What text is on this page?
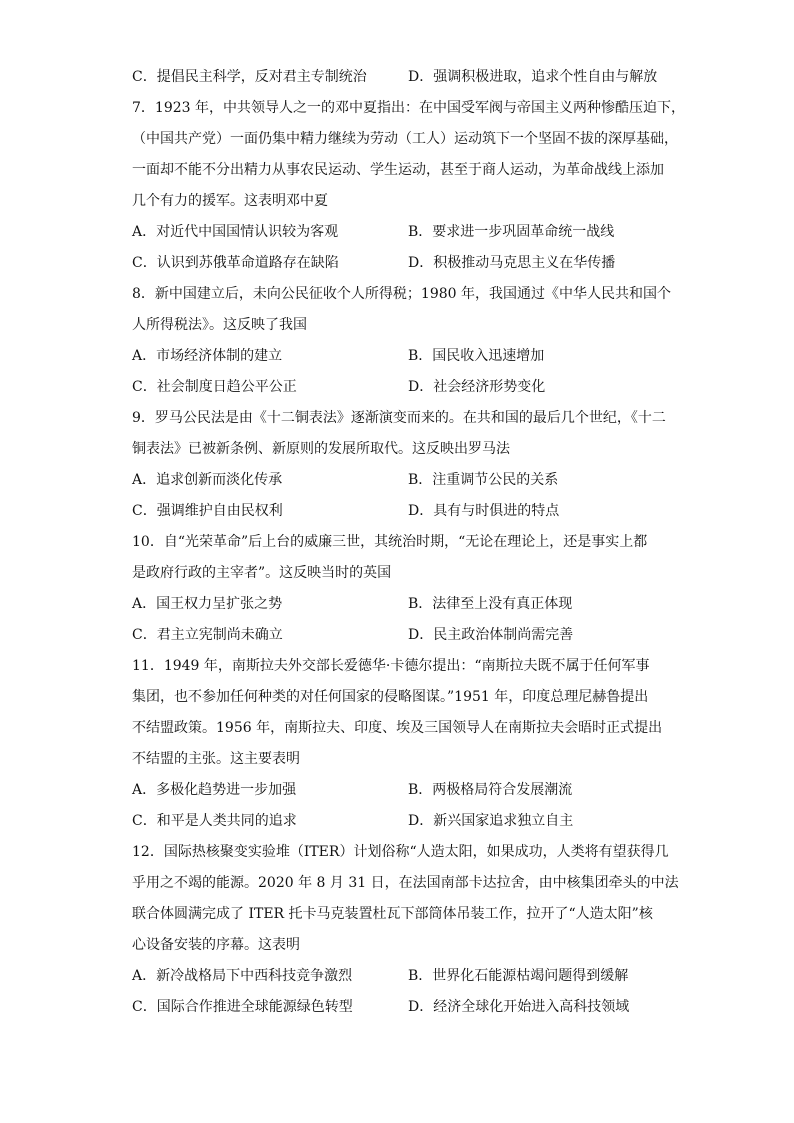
C．提倡民主科学，反对君主专制统治	D．强调积极进取，追求个性自由与解放
7．1923 年，中共领导人之一的邓中夏指出：在中国受军阀与帝国主义两种惨酷压迫下，
（中国共产党）一面仍集中精力继续为劳动（工人）运动筑下一个坚固不拔的深厚基础，
一面却不能不分出精力从事农民运动、学生运动，甚至于商人运动，为革命战线上添加
几个有力的援军。这表明邓中夏
A．对近代中国国情认识较为客观	B．要求进一步巩固革命统一战线
C．认识到苏俄革命道路存在缺陷	D．积极推动马克思主义在华传播
8．新中国建立后，未向公民征收个人所得税；1980 年，我国通过《中华人民共和国个
人所得税法》。这反映了我国
A．市场经济体制的建立	B．国民收入迅速增加
C．社会制度日趋公平公正	D．社会经济形势变化
9．罗马公民法是由《十二铜表法》逐渐演变而来的。在共和国的最后几个世纪，《十二
铜表法》已被新条例、新原则的发展所取代。这反映出罗马法
A．追求创新而淡化传承	B．注重调节公民的关系
C．强调维护自由民权利	D．具有与时俱进的特点
10．自“光荣革命”后上台的威廉三世，其统治时期，“无论在理论上，还是事实上都
是政府行政的主宰者”。这反映当时的英国
A．国王权力呈扩张之势	B．法律至上没有真正体现
C．君主立宪制尚未确立	D．民主政治体制尚需完善
11．1949 年，南斯拉夫外交部长爱德华·卡德尔提出：“南斯拉夫既不属于任何军事
集团，也不参加任何种类的对任何国家的侵略图谋。”1951 年，印度总理尼赫鲁提出
不结盟政策。1956 年，南斯拉夫、印度、埃及三国领导人在南斯拉夫会晤时正式提出
不结盟的主张。这主要表明
A．多极化趋势进一步加强	B．两极格局符合发展潮流
C．和平是人类共同的追求	D．新兴国家追求独立自主
12．国际热核聚变实验堆（ITER）计划俗称“人造太阳，如果成功，人类将有望获得几
乎用之不竭的能源。2020 年 8 月 31 日，在法国南部卡达拉舍，由中核集团牵头的中法
联合体圆满完成了 ITER 托卡马克装置杜瓦下部筒体吊装工作，拉开了“人造太阳”核
心设备安装的序幕。这表明
A．新冷战格局下中西科技竞争激烈	B．世界化石能源枯竭问题得到缓解
C．国际合作推进全球能源绿色转型	D．经济全球化开始进入高科技领域
